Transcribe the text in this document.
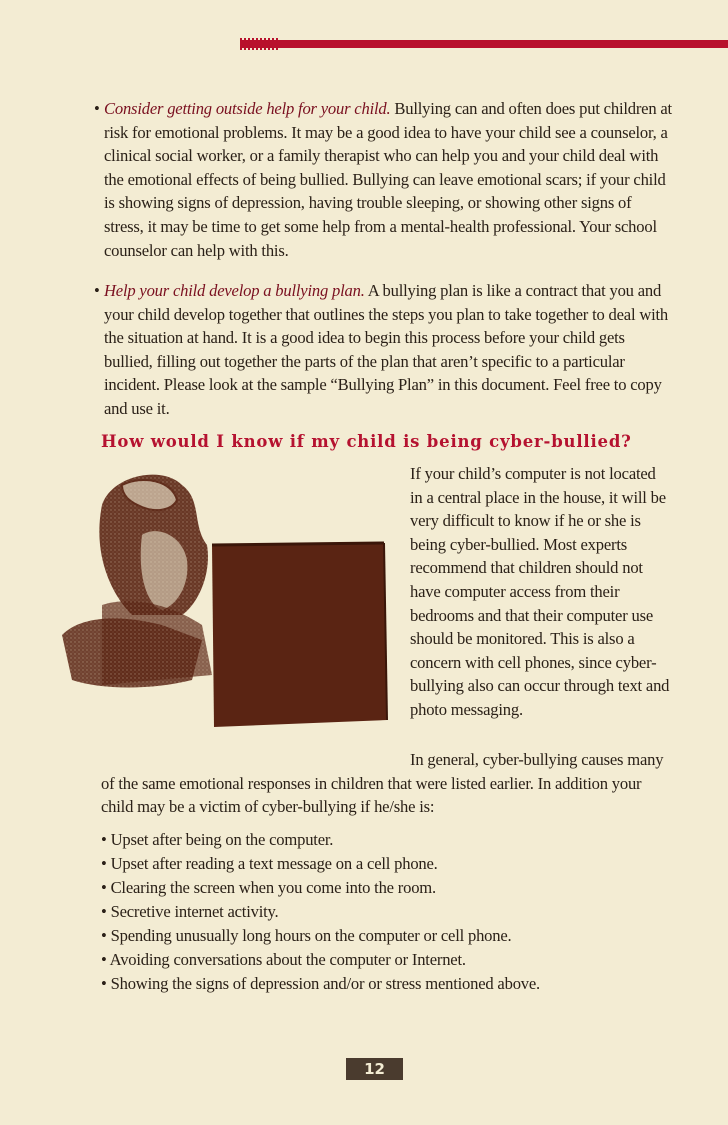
• Consider getting outside help for your child. Bullying can and often does put children at risk for emotional problems. It may be a good idea to have your child see a counselor, a clinical social worker, or a family therapist who can help you and your child deal with the emotional effects of being bullied. Bullying can leave emotional scars; if your child is showing signs of depression, having trouble sleeping, or showing other signs of stress, it may be time to get some help from a mental-health professional. Your school counselor can help with this.

• Help your child develop a bullying plan. A bullying plan is like a contract that you and your child develop together that outlines the steps you plan to take together to deal with the situation at hand. It is a good idea to begin this process before your child gets bullied, filling out together the parts of the plan that aren’t specific to a particular incident. Please look at the sample “Bullying Plan” in this document. Feel free to copy and use it.

How would I know if my child is being cyber-bullied?

If your child’s computer is not located in a central place in the house, it will be very difficult to know if he or she is being cyber-bullied. Most experts recommend that children should not have computer access from their bedrooms and that their computer use should be monitored. This is also a concern with cell phones, since cyber-bullying also can occur through text and photo messaging.

In general, cyber-bullying causes many
of the same emotional responses in children that were listed earlier. In addition your child may be a victim of cyber-bullying if he/she is:
• Upset after being on the computer.
• Upset after reading a text message on a cell phone.
• Clearing the screen when you come into the room.
• Secretive internet activity.
• Spending unusually long hours on the computer or cell phone.
• Avoiding conversations about the computer or Internet.
• Showing the signs of depression and/or or stress mentioned above.
12
